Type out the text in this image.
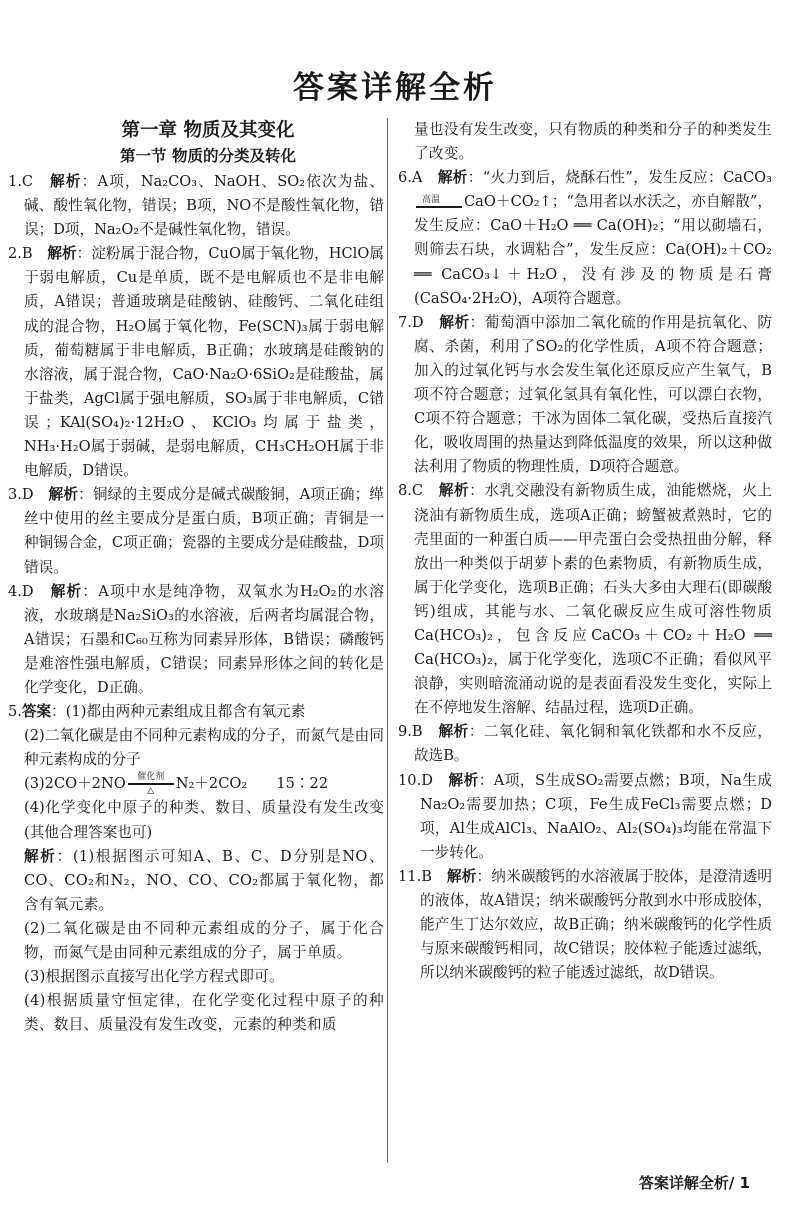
答案详解全析

第一章 物质及其变化

第一节 物质的分类及转化

1.C　 解析：A项，Na₂CO₃、NaOH、SO₂依次为盐、碱、酸性氧化物，错误；B项，NO不是酸性氧化物，错误；D项，Na₂O₂不是碱性氧化物，错误。

2.B　 解析：淀粉属于混合物，CuO属于氧化物，HClO属于弱电解质，Cu是单质，既不是电解质也不是非电解质，A错误；普通玻璃是硅酸钠、硅酸钙、二氧化硅组成的混合物，H₂O属于氧化物，Fe(SCN)₃属于弱电解质，葡萄糖属于非电解质，B正确；水玻璃是硅酸钠的水溶液，属于混合物，CaO·Na₂O·6SiO₂是硅酸盐，属于盐类，AgCl属于强电解质，SO₃属于非电解质，C错误；KAl(SO₄)₂·12H₂O、KClO₃均属于盐类，NH₃·H₂O属于弱碱，是弱电解质，CH₃CH₂OH属于非电解质，D错误。

3.D　 解析：铜绿的主要成分是碱式碳酸铜，A项正确；缂丝中使用的丝主要成分是蛋白质，B项正确；青铜是一种铜锡合金，C项正确；瓷器的主要成分是硅酸盐，D项错误。

4.D　 解析：A项中水是纯净物，双氧水为H₂O₂的水溶液，水玻璃是Na₂SiO₃的水溶液，后两者均属混合物，A错误；石墨和C₆₀互称为同素异形体，B错误；磷酸钙是难溶性强电解质，C错误；同素异形体之间的转化是化学变化，D正确。

5.答案：(1)都由两种元素组成且都含有氧元素

(2)二氧化碳是由不同种元素构成的分子，而氮气是由同种元素构成的分子

(3)2CO＋2NO	催化剂
△	N₂＋2CO₂　　 15∶22

(4)化学变化中原子的种类、数目、质量没有发生改变(其他合理答案也可)

解析：(1)根据图示可知A、B、C、D分别是NO、CO、CO₂和N₂，NO、CO、CO₂都属于氧化物，都含有氧元素。

(2)二氧化碳是由不同种元素组成的分子，属于化合物，而氮气是由同种元素组成的分子，属于单质。

(3)根据图示直接写出化学方程式即可。

(4)根据质量守恒定律，在化学变化过程中原子的种类、数目、质量没有发生改变，元素的种类和质

量也没有发生改变，只有物质的种类和分子的种类发生了改变。

6.A　 解析：“火力到后，烧酥石性”，发生反应：CaCO₃
高温	CaO＋CO₂↑；“急用者以水沃之，亦自解散”，发生反应：CaO＋H₂O ══ Ca(OH)₂；“用以砌墙石，则筛去石块，水调粘合”，发生反应：Ca(OH)₂＋CO₂ ══ CaCO₃↓＋H₂O，没有涉及的物质是石膏(CaSO₄·2H₂O)，A项符合题意。

7.D　 解析：葡萄酒中添加二氧化硫的作用是抗氧化、防腐、杀菌，利用了SO₂的化学性质，A项不符合题意；加入的过氧化钙与水会发生氧化还原反应产生氧气，B项不符合题意；过氧化氢具有氧化性，可以漂白衣物，C项不符合题意；干冰为固体二氧化碳，受热后直接汽化，吸收周围的热量达到降低温度的效果，所以这种做法利用了物质的物理性质，D项符合题意。

8.C　 解析：水乳交融没有新物质生成，油能燃烧，火上浇油有新物质生成，选项A正确；螃蟹被煮熟时，它的壳里面的一种蛋白质——甲壳蛋白会受热扭曲分解，释放出一种类似于胡萝卜素的色素物质，有新物质生成，属于化学变化，选项B正确；石头大多由大理石(即碳酸钙)组成，其能与水、二氧化碳反应生成可溶性物质Ca(HCO₃)₂，包含反应CaCO₃＋CO₂＋H₂O ══ Ca(HCO₃)₂，属于化学变化，选项C不正确；看似风平浪静，实则暗流涌动说的是表面看没发生变化，实际上在不停地发生溶解、结晶过程，选项D正确。

9.B　 解析：二氧化硅、氧化铜和氧化铁都和水不反应，故选B。

10.D　 解析：A项，S生成SO₂需要点燃；B项，Na生成Na₂O₂需要加热；C项，Fe生成FeCl₃需要点燃；D项，Al生成AlCl₃、NaAlO₂、Al₂(SO₄)₃均能在常温下一步转化。

11.B　 解析：纳米碳酸钙的水溶液属于胶体，是澄清透明的液体，故A错误；纳米碳酸钙分散到水中形成胶体，能产生丁达尔效应，故B正确；纳米碳酸钙的化学性质与原来碳酸钙相同，故C错误；胶体粒子能透过滤纸，所以纳米碳酸钙的粒子能透过滤纸，故D错误。

答案详解全析/ 1
